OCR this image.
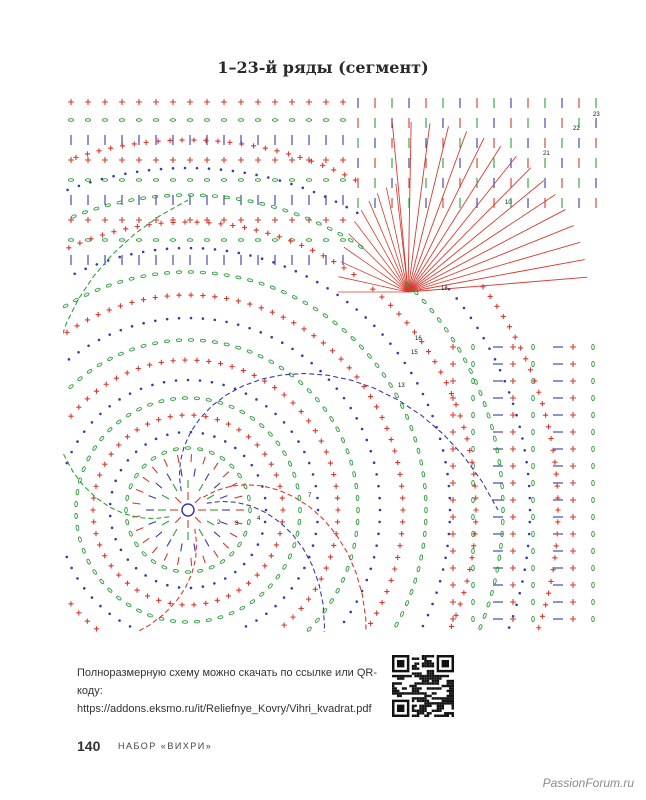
1–23-й ряды (сегмент)
2 3
4
7
10
13
15
16
18
21
22
23
Полноразмерную схему можно скачать по ссылке или QR-коду:
https://addons.eksmo.ru/it/Reliefnye_Kovry/Vihri_kvadrat.pdf
140 НАБОР «ВИХРИ»
PassionForum.ru
